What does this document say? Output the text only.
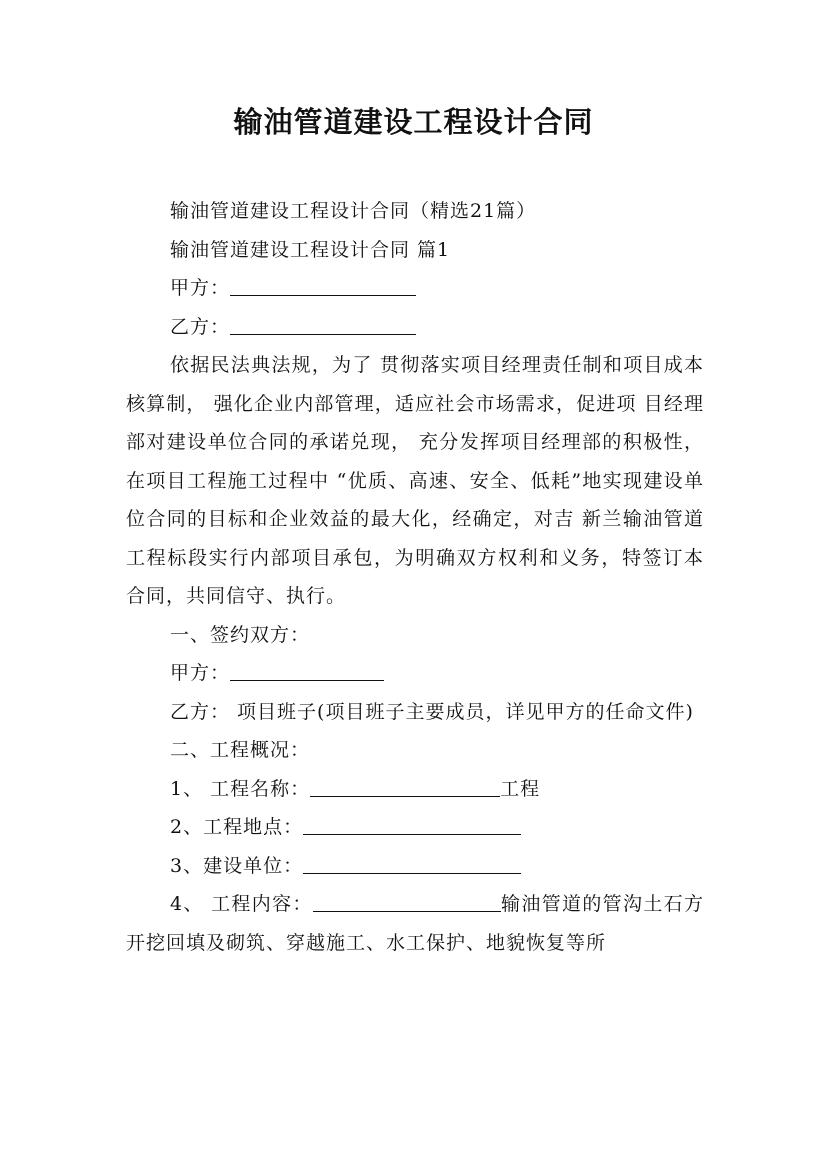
输油管道建设工程设计合同

输油管道建设工程设计合同（精选21篇）

输油管道建设工程设计合同 篇1

甲方：

乙方：

依据民法典法规，为了 贯彻落实项目经理责任制和项目成本核算制， 强化企业内部管理，适应社会市场需求，促进项 目经理部对建设单位合同的承诺兑现， 充分发挥项目经理部的积极性，在项目工程施工过程中 “优质、高速、安全、低耗”地实现建设单位合同的目标和企业效益的最大化，经确定，对吉 新兰输油管道工程标段实行内部项目承包，为明确双方权利和义务，特签订本合同，共同信守、执行。

一、签约双方：

甲方：

乙方： 项目班子(项目班子主要成员，详见甲方的任命文件)

二、工程概况：

1、 工程名称：	工程

2、工程地点：

3、建设单位：

4、 工程内容：	输油管道的管沟土石方开挖回填及砌筑、穿越施工、水工保护、地貌恢复等所
